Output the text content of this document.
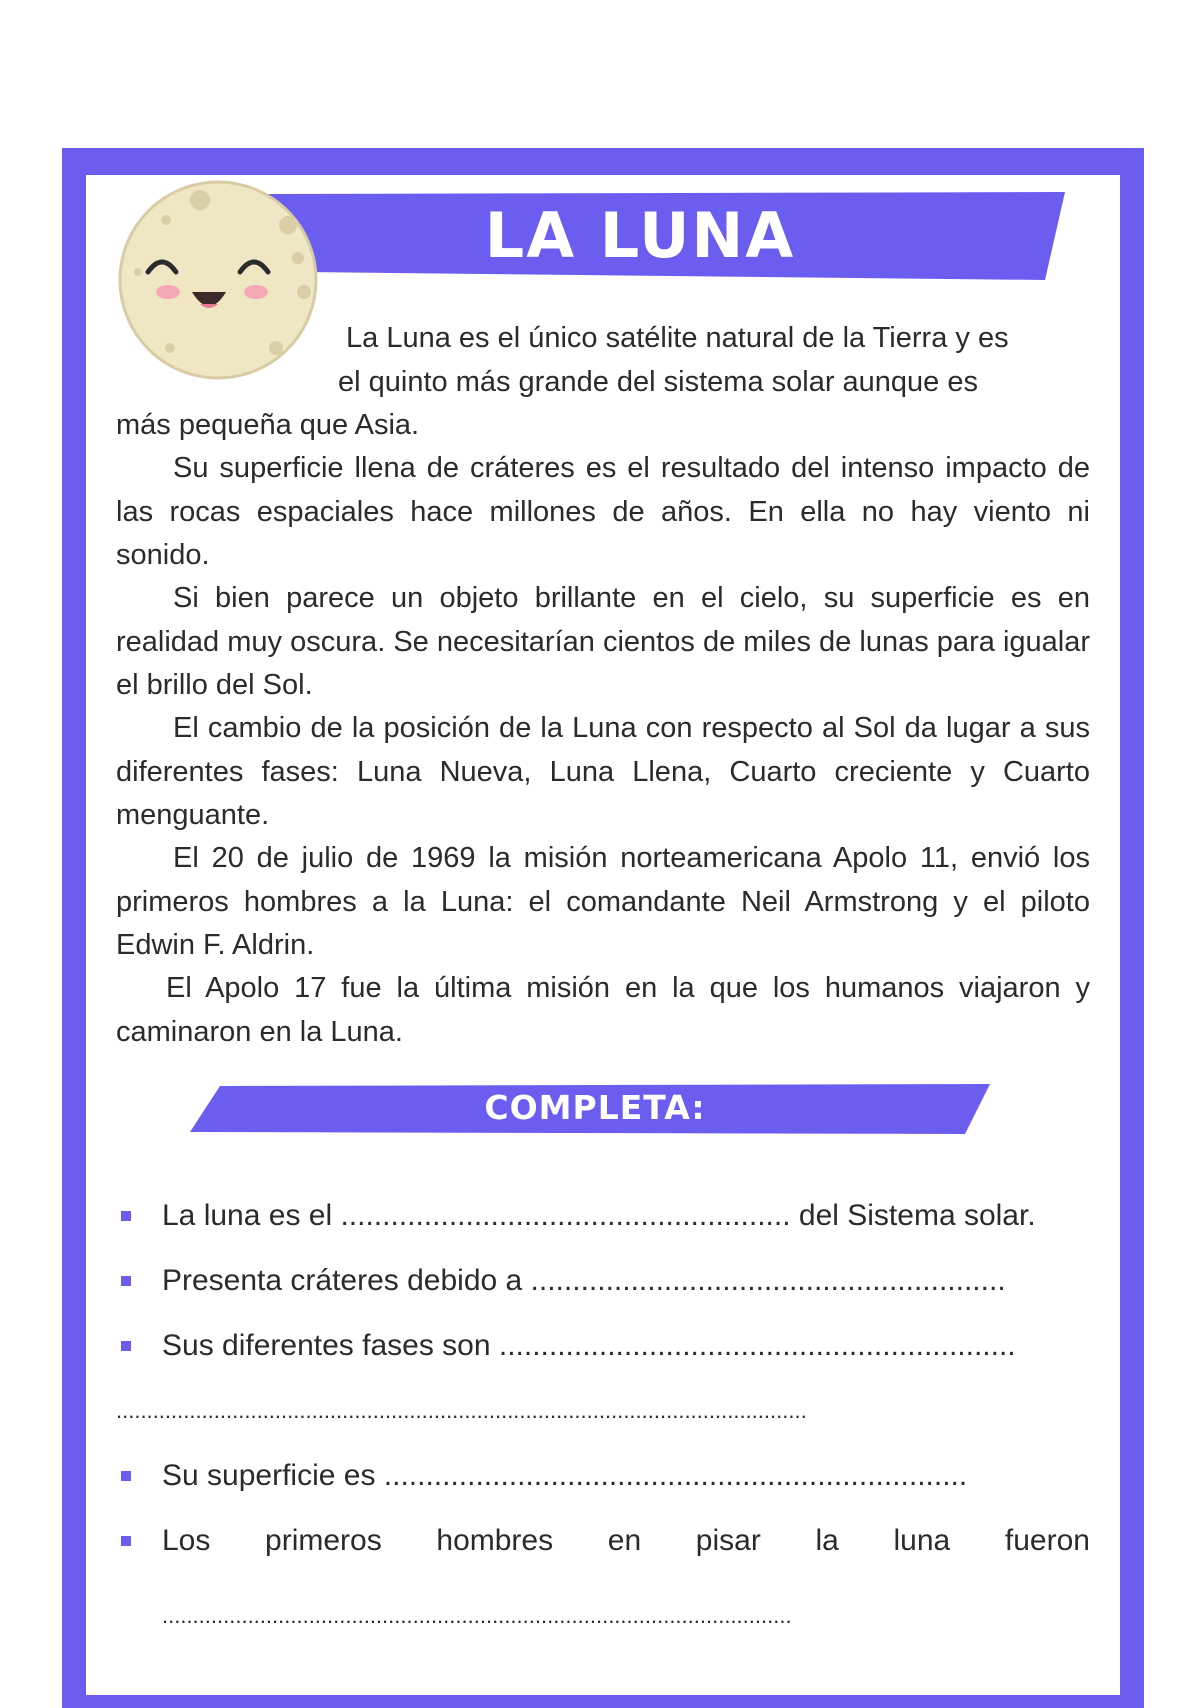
LA LUNA
La Luna es el único satélite natural de la Tierra y es
el quinto más grande del sistema solar aunque es
más pequeña que Asia.
Su superficie llena de cráteres es el resultado del intenso impacto de las rocas espaciales hace millones de años. En ella no hay viento ni sonido.
Si bien parece un objeto brillante en el cielo, su superficie es en realidad muy oscura. Se necesitarían cientos de miles de lunas para igualar el brillo del Sol.
El cambio de la posición de la Luna con respecto al Sol da lugar a sus diferentes fases: Luna Nueva, Luna Llena, Cuarto creciente y Cuarto menguante.
El 20 de julio de 1969 la misión norteamericana Apolo 11, envió los primeros hombres a la Luna: el comandante Neil Armstrong y el piloto Edwin F. Aldrin.
El Apolo 17 fue la última misión en la que los humanos viajaron y caminaron en la Luna.
COMPLETA:
La luna es el ...................................................... del Sistema solar.
Presenta cráteres debido a .........................................................
Sus diferentes fases son ..............................................................
.................................................................................................................
Su superficie es ......................................................................
Los primeros hombres en pisar la luna fueron
.......................................................................................................
